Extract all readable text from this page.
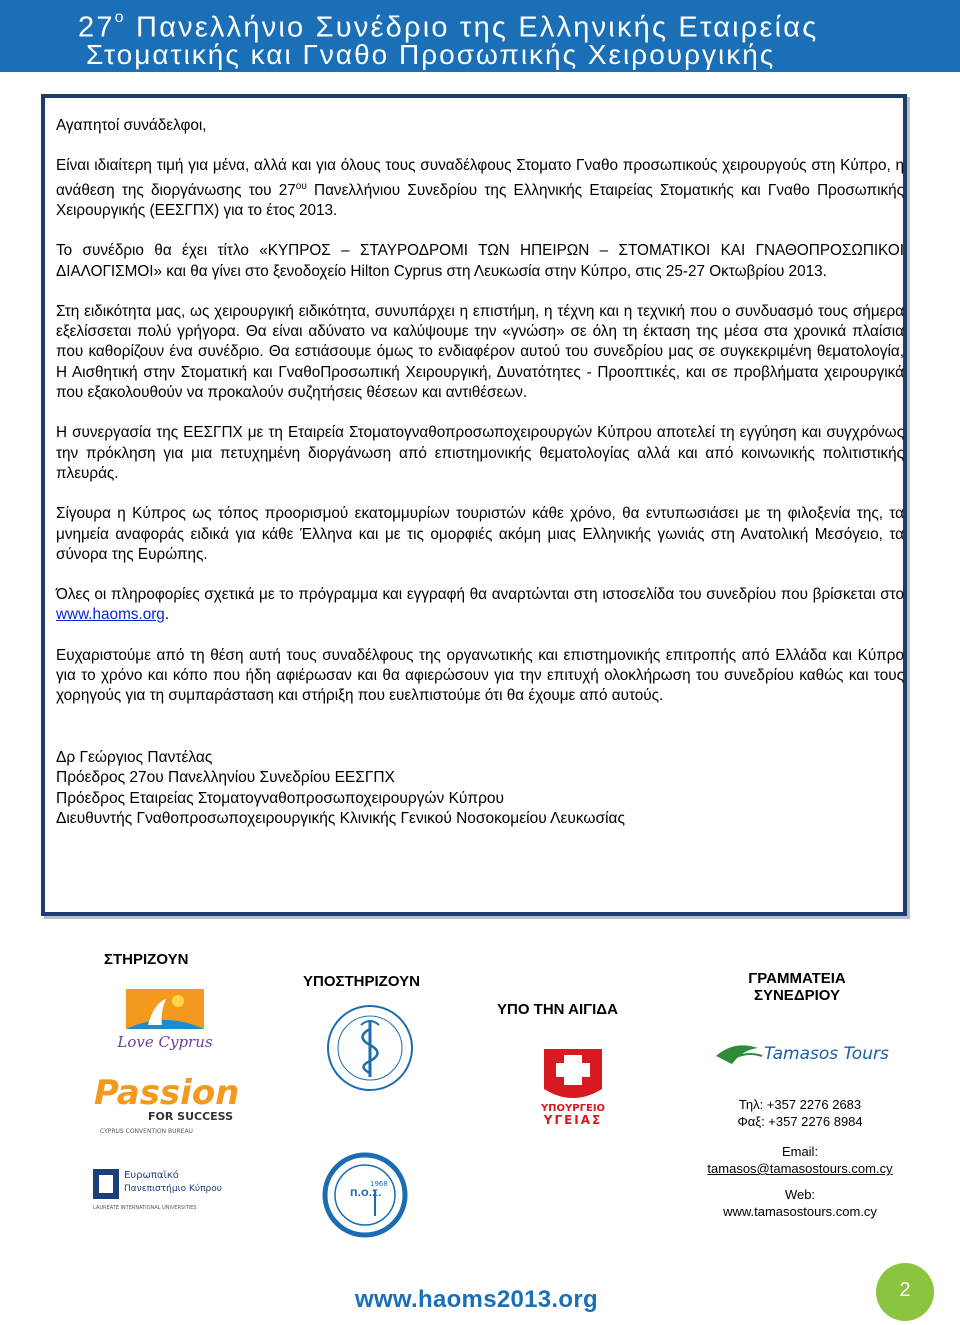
$27^o$ Πανελλήνιο Συνέδριο της Ελληνικής Εταιρείας
Στοματικής και Γναθο Προσωπικής Χειρουργικής

Αγαπητοί συνάδελφοι,

Είναι ιδιαίτερη τιμή για μένα, αλλά και για όλους τους συναδέλφους Στοματο Γναθο προσωπικούς χειρουργούς στη Κύπρο, η ανάθεση της διοργάνωσης του $27^{o\upsilon}$ Πανελλήνιου Συνεδρίου της Ελληνικής Εταιρείας Στοματικής και Γναθο Προσωπικής Χειρουργικής (ΕΕΣΓΠΧ) για το έτος 2013.

Το συνέδριο θα έχει τίτλο «ΚΥΠΡΟΣ – ΣΤΑΥΡΟΔΡΟΜΙ ΤΩΝ ΗΠΕΙΡΩΝ – ΣΤΟΜΑΤΙΚΟΙ ΚΑΙ ΓΝΑΘΟΠΡΟΣΩΠΙΚΟΙ ΔΙΑΛΟΓΙΣΜΟΙ» και θα γίνει στο ξενοδοχείο Hilton Cyprus στη Λευκωσία στην Κύπρο, στις 25-27 Οκτωβρίου 2013.

Στη ειδικότητα μας, ως χειρουργική ειδικότητα, συνυπάρχει η επιστήμη, η τέχνη και η τεχνική που ο συνδυασμό τους σήμερα εξελίσσεται πολύ γρήγορα. Θα είναι αδύνατο να καλύψουμε την «γνώση» σε όλη τη έκταση της μέσα στα χρονικά πλαίσια που καθορίζουν ένα συνέδριο. Θα εστιάσουμε όμως το ενδιαφέρον αυτού του συνεδρίου μας σε συγκεκριμένη θεματολογία, Η Αισθητική στην Στοματική και ΓναθοΠροσωπική Χειρουργική, Δυνατότητες - Προοπτικές, και σε προβλήματα χειρουργικά που εξακολουθούν να προκαλούν συζητήσεις θέσεων και αντιθέσεων.

Η συνεργασία της ΕΕΣΓΠΧ με τη Εταιρεία Στοματογναθοπροσωποχειρουργών Κύπρου αποτελεί τη εγγύηση και συγχρόνως την πρόκληση για μια πετυχημένη διοργάνωση από επιστημονικής θεματολογίας αλλά και από κοινωνικής πολιτιστικής πλευράς.

Σίγουρα η Κύπρος ως τόπος προορισμού εκατομμυρίων τουριστών κάθε χρόνο, θα εντυπωσιάσει με τη φιλοξενία της, τα μνημεία αναφοράς ειδικά για κάθε Έλληνα και με τις ομορφιές ακόμη μιας Ελληνικής γωνιάς στη Ανατολική Μεσόγειο, τα σύνορα της Ευρώπης.

Όλες οι πληροφορίες σχετικά με το πρόγραμμα και εγγραφή θα αναρτώνται στη ιστοσελίδα του συνεδρίου που βρίσκεται στο www.haoms.org.

Ευχαριστούμε από τη θέση αυτή τους συναδέλφους της οργανωτικής και επιστημονικής επιτροπής από Ελλάδα και Κύπρο για το χρόνο και κόπο που ήδη αφιέρωσαν και θα αφιερώσουν για την επιτυχή ολοκλήρωση του συνεδρίου καθώς και τους χορηγούς για τη συμπαράσταση και στήριξη που ευελπιστούμε ότι θα έχουμε από αυτούς.

Δρ Γεώργιος Παντέλας

Πρόεδρος 27ου Πανελληνίου Συνεδρίου ΕΕΣΓΠΧ

Πρόεδρος Εταιρείας Στοματογναθοπροσωποχειρουργών Κύπρου

Διευθυντής Γναθοπροσωποχειρουργικής Κλινικής Γενικού Νοσοκομείου Λευκωσίας

ΣΤΗΡΙΖΟΥΝ
ΥΠΟΣΤΗΡΙΖΟΥΝ
ΥΠΟ ΤΗΝ ΑΙΓΙΔΑ
ΓΡΑΜΜΑΤΕΙΑ
ΣΥΝΕΔΡΙΟΥ
Love Cyprus
Passion
FOR SUCCESS
CYPRUS CONVENTION BUREAU
Ευρωπαϊκό
Πανεπιστήμιο Κύπρου
LAUREATE INTERNATIONAL UNIVERSITIES
Π.Ο.Σ.
1968
ΥΠΟΥΡΓΕΙΟ
ΥΓΕΙΑΣ
Tamasos Tours
Τηλ: +357 2276 2683
Φαξ: +357 2276 8984
Email:
tamasos@tamasostours.com.cy
Web:
www.tamasostours.com.cy
www.haoms2013.org	2
